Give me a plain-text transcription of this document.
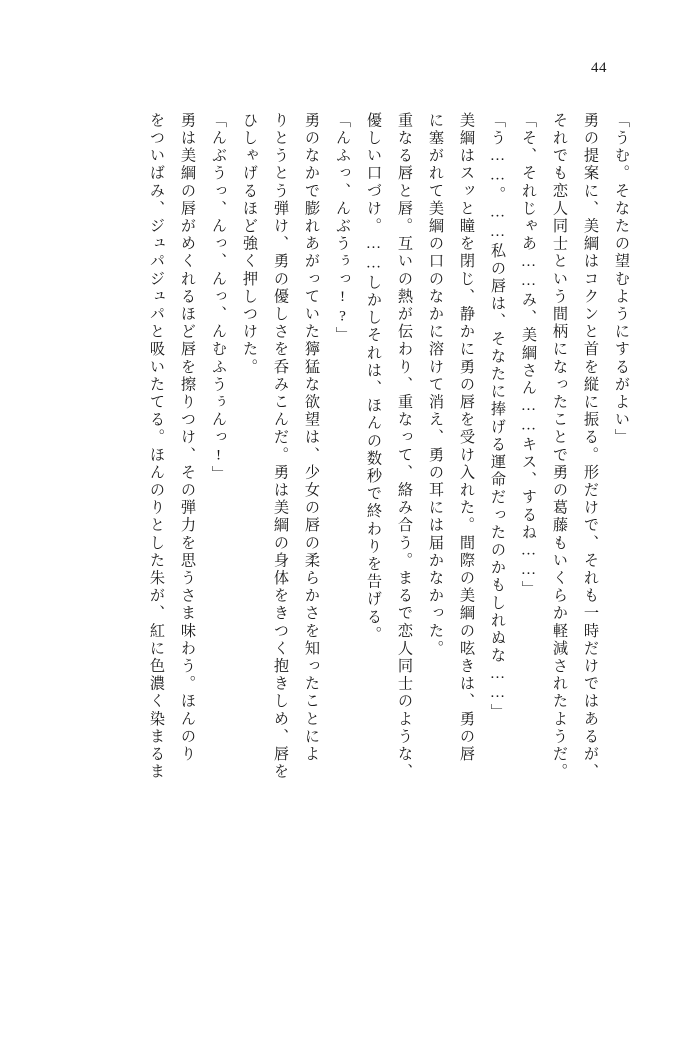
44
「うむ。そなたの望むようにするがよい」
勇の提案に、美綱はコクンと首を縦に振る。形だけで、それも一時だけではあるが、
それでも恋人同士という間柄になったことで勇の葛藤もいくらか軽減されたようだ。
「そ、それじゃあ……み、美綱さん……キス、するね……」
「う……。……私の唇は、そなたに捧げる運命だったのかもしれぬな……」
美綱はスッと瞳を閉じ、静かに勇の唇を受け入れた。間際の美綱の呟きは、勇の唇
に塞がれて美綱の口のなかに溶けて消え、勇の耳には届かなかった。
重なる唇と唇。互いの熱が伝わり、重なって、絡み合う。まるで恋人同士のような、
優しい口づけ。……しかしそれは、ほんの数秒で終わりを告げる。
「んふっ、んぶうぅっ!?」
勇のなかで膨れあがっていた獰猛な欲望は、少女の唇の柔らかさを知ったことによ
りとうとう弾け、勇の優しさを呑みこんだ。勇は美綱の身体をきつく抱きしめ、唇を
ひしゃげるほど強く押しつけた。
「んぶうっ、んっ、んっ、んむふうぅんっ!」
勇は美綱の唇がめくれるほど唇を擦りつけ、その弾力を思うさま味わう。ほんのり
をついばみ、ジュパジュパと吸いたてる。ほんのりとした朱が、紅に色濃く染まるま
